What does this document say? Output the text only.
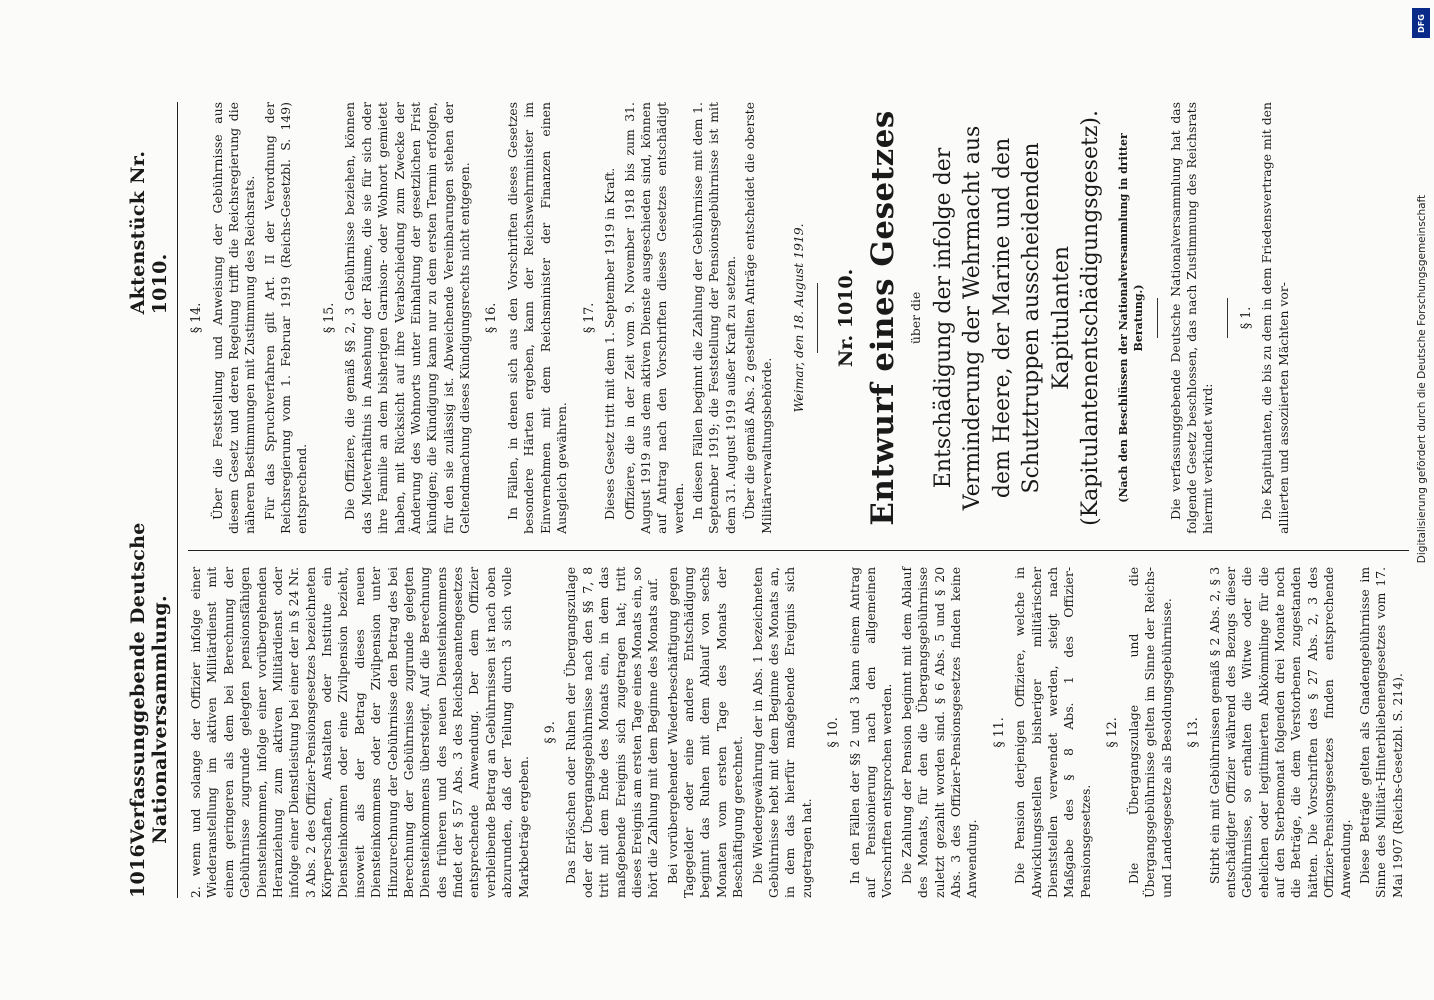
1016
Verfassunggebende Deutsche Nationalversammlung.
Aktenstück Nr. 1010.

2. wenn und solange der Offizier infolge einer Wiederanstellung im aktiven Militärdienst mit einem geringeren als dem bei Berechnung der Gebührnisse zugrunde gelegten pensionsfähigen Diensteinkommen, infolge einer vorübergehenden Heranziehung zum aktiven Militärdienst oder infolge einer Dienstleistung bei einer der in § 24 Nr. 3 Abs. 2 des Offizier-Pensionsgesetzes bezeichneten Körperschaften, Anstalten oder Institute ein Diensteinkommen oder eine Zivilpension bezieht, insoweit als der Betrag dieses neuen Diensteinkommens oder der Zivilpension unter Hinzurechnung der Gebührnisse den Betrag des bei Berechnung der Gebührnisse zugrunde gelegten Diensteinkommens übersteigt. Auf die Berechnung des früheren und des neuen Diensteinkommens findet der § 57 Abs. 3 des Reichsbeamtengesetzes entsprechende Anwendung. Der dem Offizier verbleibende Betrag an Gebührnissen ist nach oben abzurunden, daß der Teilung durch 3 sich volle Markbeträge ergeben.

§ 9. Das Erlöschen oder Ruhen der Übergangszulage oder der Übergangsgebührnisse nach den §§ 7, 8 tritt mit dem Ende des Monats ein, in dem das maßgebende Ereignis sich zugetragen hat; tritt dieses Ereignis am ersten Tage eines Monats ein, so hört die Zahlung mit dem Beginne des Monats auf. Bei vorübergehender Wiederbeschäftigung gegen Tagegelder oder eine andere Entschädigung beginnt das Ruhen mit dem Ablauf von sechs Monaten vom ersten Tage des Monats der Beschäftigung gerechnet. Die Wiedergewährung der in Abs. 1 bezeichneten Gebührnisse hebt mit dem Beginne des Monats an, in dem das hierfür maßgebende Ereignis sich zugetragen hat.

§ 10. In den Fällen der §§ 2 und 3 kann einem Antrag auf Pensionierung nach den allgemeinen Vorschriften entsprochen werden. Die Zahlung der Pension beginnt mit dem Ablauf des Monats, für den die Übergangsgebührnisse zuletzt gezahlt worden sind. § 6 Abs. 5 und § 20 Abs. 3 des Offizier-Pensionsgesetzes finden keine Anwendung.

§ 11. Die Pension derjenigen Offiziere, welche in Abwicklungsstellen bisheriger militärischer Dienststellen verwendet werden, steigt nach Maßgabe des § 8 Abs. 1 des Offizier-Pensionsgesetzes.

§ 12. Die Übergangszulage und die Übergangsgebührnisse gelten im Sinne der Reichs- und Landesgesetze als Besoldungsgebührnisse. § 13. Stirbt ein mit Gebührnissen gemäß § 2 Abs. 2, § 3 entschädigter Offizier während des Bezugs dieser Gebührnisse, so erhalten die Witwe oder die ehelichen oder legitimierten Abkömmlinge für die auf den Sterbemonat folgenden drei Monate noch die Beträge, die dem Verstorbenen zugestanden hätten. Die Vorschriften des § 27 Abs. 2, 3 des Offizier-Pensionsgesetzes finden entsprechende Anwendung. Diese Beträge gelten als Gnadengebührnisse im Sinne des Militär-Hinterbliebenengesetzes vom 17. Mai 1907 (Reichs-Gesetzbl. S. 214).

§ 14. Über die Feststellung und Anweisung der Gebührnisse aus diesem Gesetz und deren Regelung trifft die Reichsregierung die näheren Bestimmungen mit Zustimmung des Reichsrats. Für das Spruchverfahren gilt Art. II der Verordnung der Reichsregierung vom 1. Februar 1919 (Reichs-Gesetzbl. S. 149) entsprechend.

§ 15. Die Offiziere, die gemäß §§ 2, 3 Gebührnisse beziehen, können das Mietverhältnis in Ansehung der Räume, die sie für sich oder ihre Familie an dem bisherigen Garnison- oder Wohnort gemietet haben, mit Rücksicht auf ihre Verabschiedung zum Zwecke der Änderung des Wohnorts unter Einhaltung der gesetzlichen Frist kündigen; die Kündigung kann nur zu dem ersten Termin erfolgen, für den sie zulässig ist. Abweichende Vereinbarungen stehen der Geltendmachung dieses Kündigungsrechts nicht entgegen. § 16. In Fällen, in denen sich aus den Vorschriften dieses Gesetzes besondere Härten ergeben, kann der Reichswehrminister im Einvernehmen mit dem Reichsminister der Finanzen einen Ausgleich gewähren.

§ 17. Dieses Gesetz tritt mit dem 1. September 1919 in Kraft. Offiziere, die in der Zeit vom 9. November 1918 bis zum 31. August 1919 aus dem aktiven Dienste ausgeschieden sind, können auf Antrag nach den Vorschriften dieses Gesetzes entschädigt werden. In diesen Fällen beginnt die Zahlung der Gebührnisse mit dem 1. September 1919; die Feststellung der Pensionsgebührnisse ist mit dem 31. August 1919 außer Kraft zu setzen. Über die gemäß Abs. 2 gestellten Anträge entscheidet die oberste Militärverwaltungsbehörde.

Weimar, den 18. August 1919. Nr. 1010. Entwurf eines Gesetzes über die Entschädigung der infolge der Verminderung der Wehrmacht aus dem Heere, der Marine und den Schutztruppen ausscheidenden Kapitulanten (Kapitulantenentschädigungsgesetz). (Nach den Beschlüssen der Nationalversammlung in dritter Beratung.) Die verfassunggebende Deutsche Nationalversammlung hat das folgende Gesetz beschlossen, das nach Zustimmung des Reichsrats hiermit verkündet wird:

§ 1. Die Kapitulanten, die bis zu dem in dem Friedensvertrage mit den alliierten und assoziierten Mächten vor-

DFG
Digitalisierung gefördert durch die Deutsche Forschungsgemeinschaft
